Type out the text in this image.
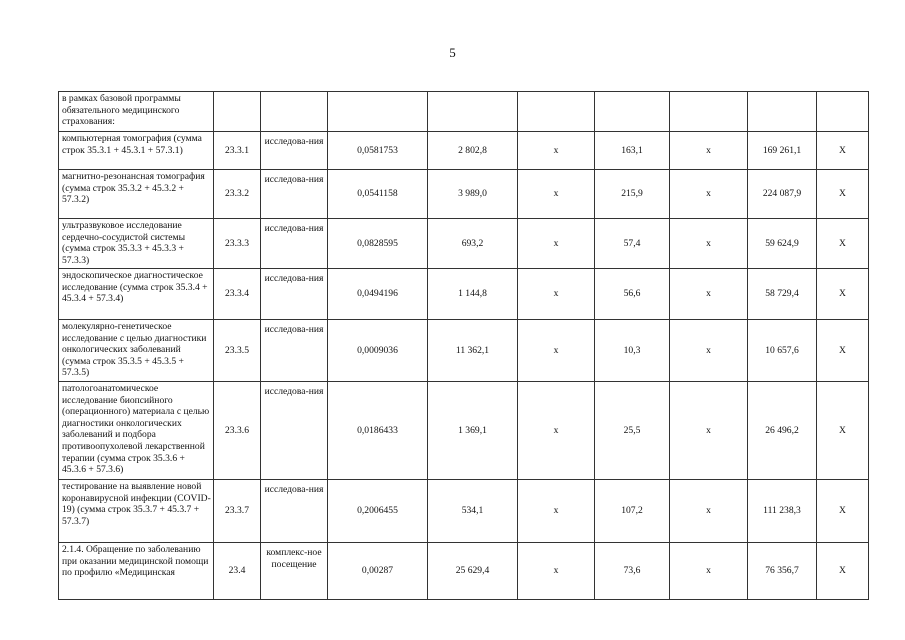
5
в рамках базовой программы обязательного медицинского страхования:									
компьютерная томография (сумма строк 35.3.1 + 45.3.1 + 57.3.1)	23.3.1	исследова-ния	0,0581753	2 802,8	x	163,1	x	169 261,1	X
магнитно-резонансная томография (сумма строк 35.3.2 + 45.3.2 + 57.3.2)	23.3.2	исследова-ния	0,0541158	3 989,0	x	215,9	x	224 087,9	X
ультразвуковое исследование сердечно-сосудистой системы (сумма строк 35.3.3 + 45.3.3 + 57.3.3)	23.3.3	исследова-ния	0,0828595	693,2	x	57,4	x	59 624,9	X
эндоскопическое диагностическое исследование (сумма строк 35.3.4 + 45.3.4 + 57.3.4)	23.3.4	исследова-ния	0,0494196	1 144,8	x	56,6	x	58 729,4	X
молекулярно-генетическое исследование с целью диагностики онкологических заболеваний (сумма строк 35.3.5 + 45.3.5 + 57.3.5)	23.3.5	исследова-ния	0,0009036	11 362,1	x	10,3	x	10 657,6	X
патологоанатомическое исследование биопсийного (операционного) материала с целью диагностики онкологических заболеваний и подбора противоопухолевой лекарственной терапии (сумма строк 35.3.6 + 45.3.6 + 57.3.6)	23.3.6	исследова-ния	0,0186433	1 369,1	x	25,5	x	26 496,2	X
тестирование на выявление новой коронавирусной инфекции (COVID-19) (сумма строк 35.3.7 + 45.3.7 + 57.3.7)	23.3.7	исследова-ния	0,2006455	534,1	x	107,2	x	111 238,3	X
2.1.4. Обращение по заболеванию при оказании медицинской помощи по профилю «Медицинская	23.4	комплекс-ное посещение	0,00287	25 629,4	x	73,6	x	76 356,7	X
